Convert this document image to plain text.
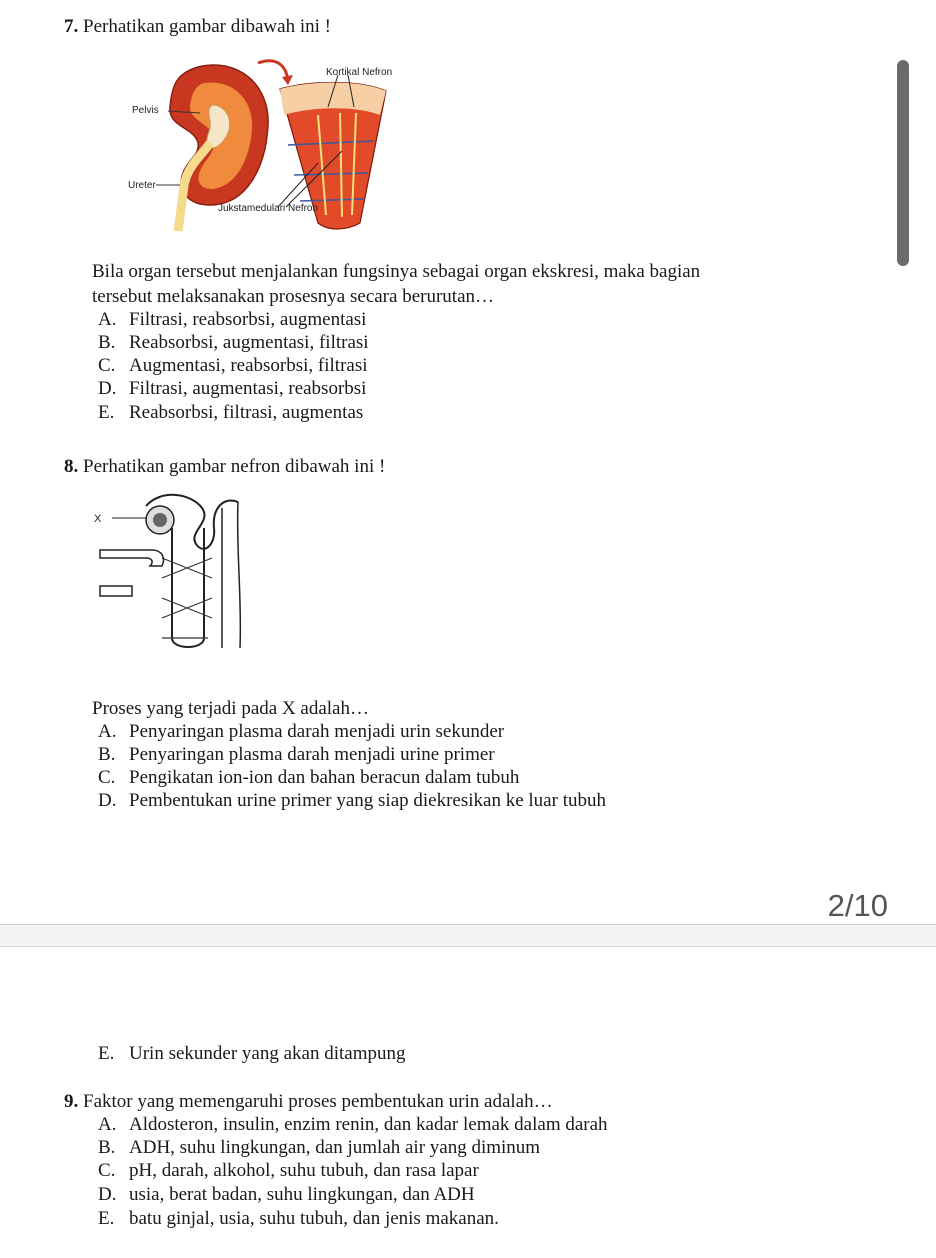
7. Perhatikan gambar dibawah ini !
Kortikal Nefron
Pelvis
Ureter
Jukstamedulari Nefron
Bila organ tersebut menjalankan fungsinya sebagai organ ekskresi, maka bagian
tersebut melaksanakan prosesnya secara berurutan…
A. Filtrasi, reabsorbsi, augmentasi
B. Reabsorbsi, augmentasi, filtrasi
C. Augmentasi, reabsorbsi, filtrasi
D. Filtrasi, augmentasi, reabsorbsi
E. Reabsorbsi, filtrasi, augmentas
8. Perhatikan gambar nefron dibawah ini !
X
Proses yang terjadi pada X adalah…
A. Penyaringan plasma darah menjadi urin sekunder
B. Penyaringan plasma darah menjadi urine primer
C. Pengikatan ion-ion dan bahan beracun dalam tubuh
D. Pembentukan urine primer yang siap diekresikan ke luar tubuh
2/10
E. Urin sekunder yang akan ditampung
9. Faktor yang memengaruhi proses pembentukan urin adalah…
A. Aldosteron, insulin, enzim renin, dan kadar lemak dalam darah
B. ADH, suhu lingkungan, dan jumlah air yang diminum
C. pH, darah, alkohol, suhu tubuh, dan rasa lapar
D. usia, berat badan, suhu lingkungan, dan ADH
E. batu ginjal, usia, suhu tubuh, dan jenis makanan.
